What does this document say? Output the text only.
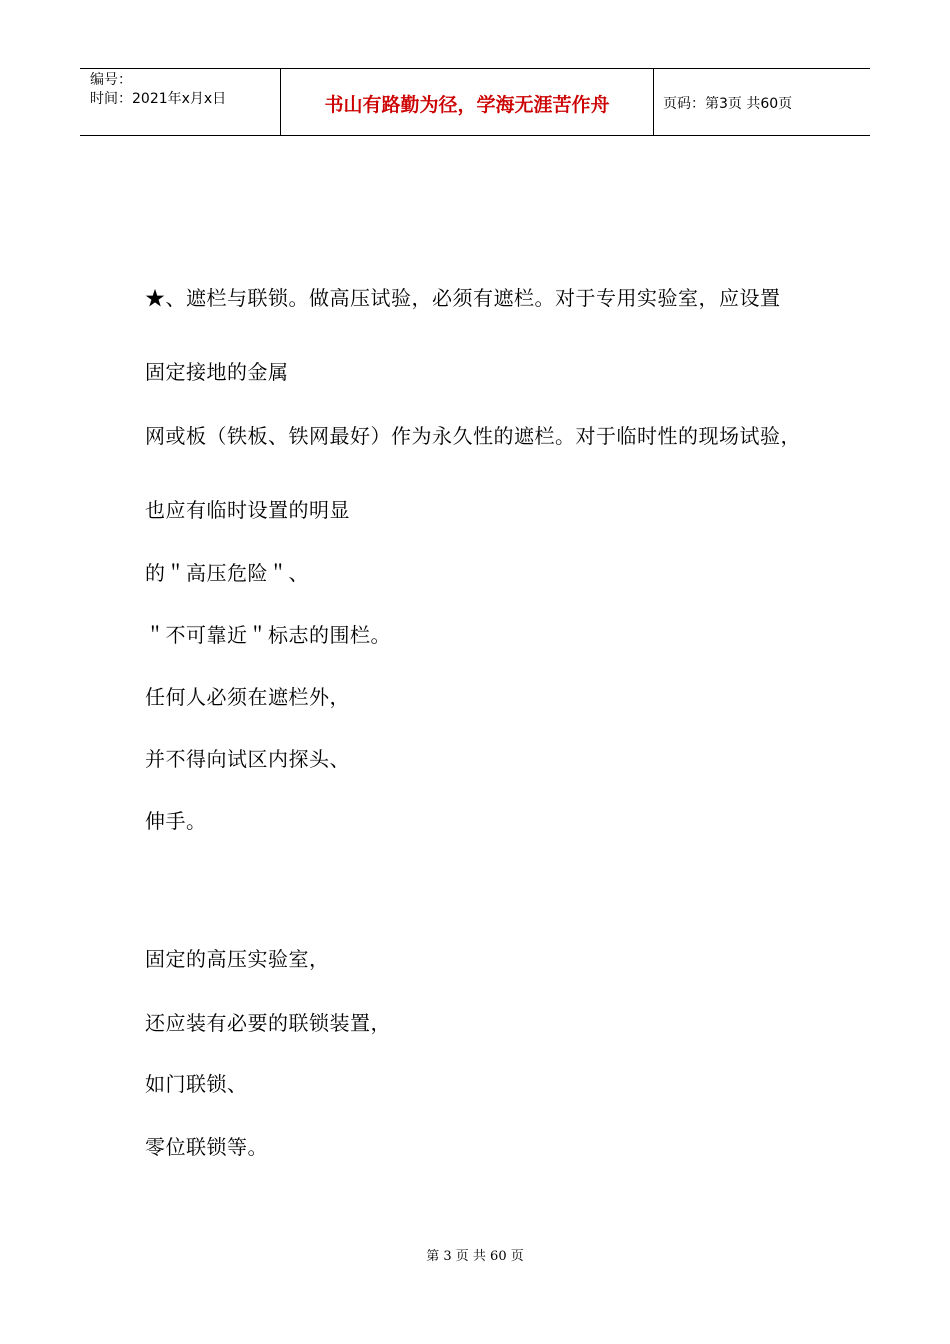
编号：
时间：2021年x月x日	书山有路勤为径，学海无涯苦作舟	页码：第3页 共60页
★、遮栏与联锁。做高压试验，必须有遮栏。对于专用实验室，应设置
固定接地的金属
网或板（铁板、铁网最好）作为永久性的遮栏。对于临时性的现场试验，
也应有临时设置的明显
的＂高压危险＂、
＂不可靠近＂标志的围栏。
任何人必须在遮栏外，
并不得向试区内探头、
伸手。
固定的高压实验室，
还应装有必要的联锁装置，
如门联锁、
零位联锁等。
第 3 页 共 60 页
